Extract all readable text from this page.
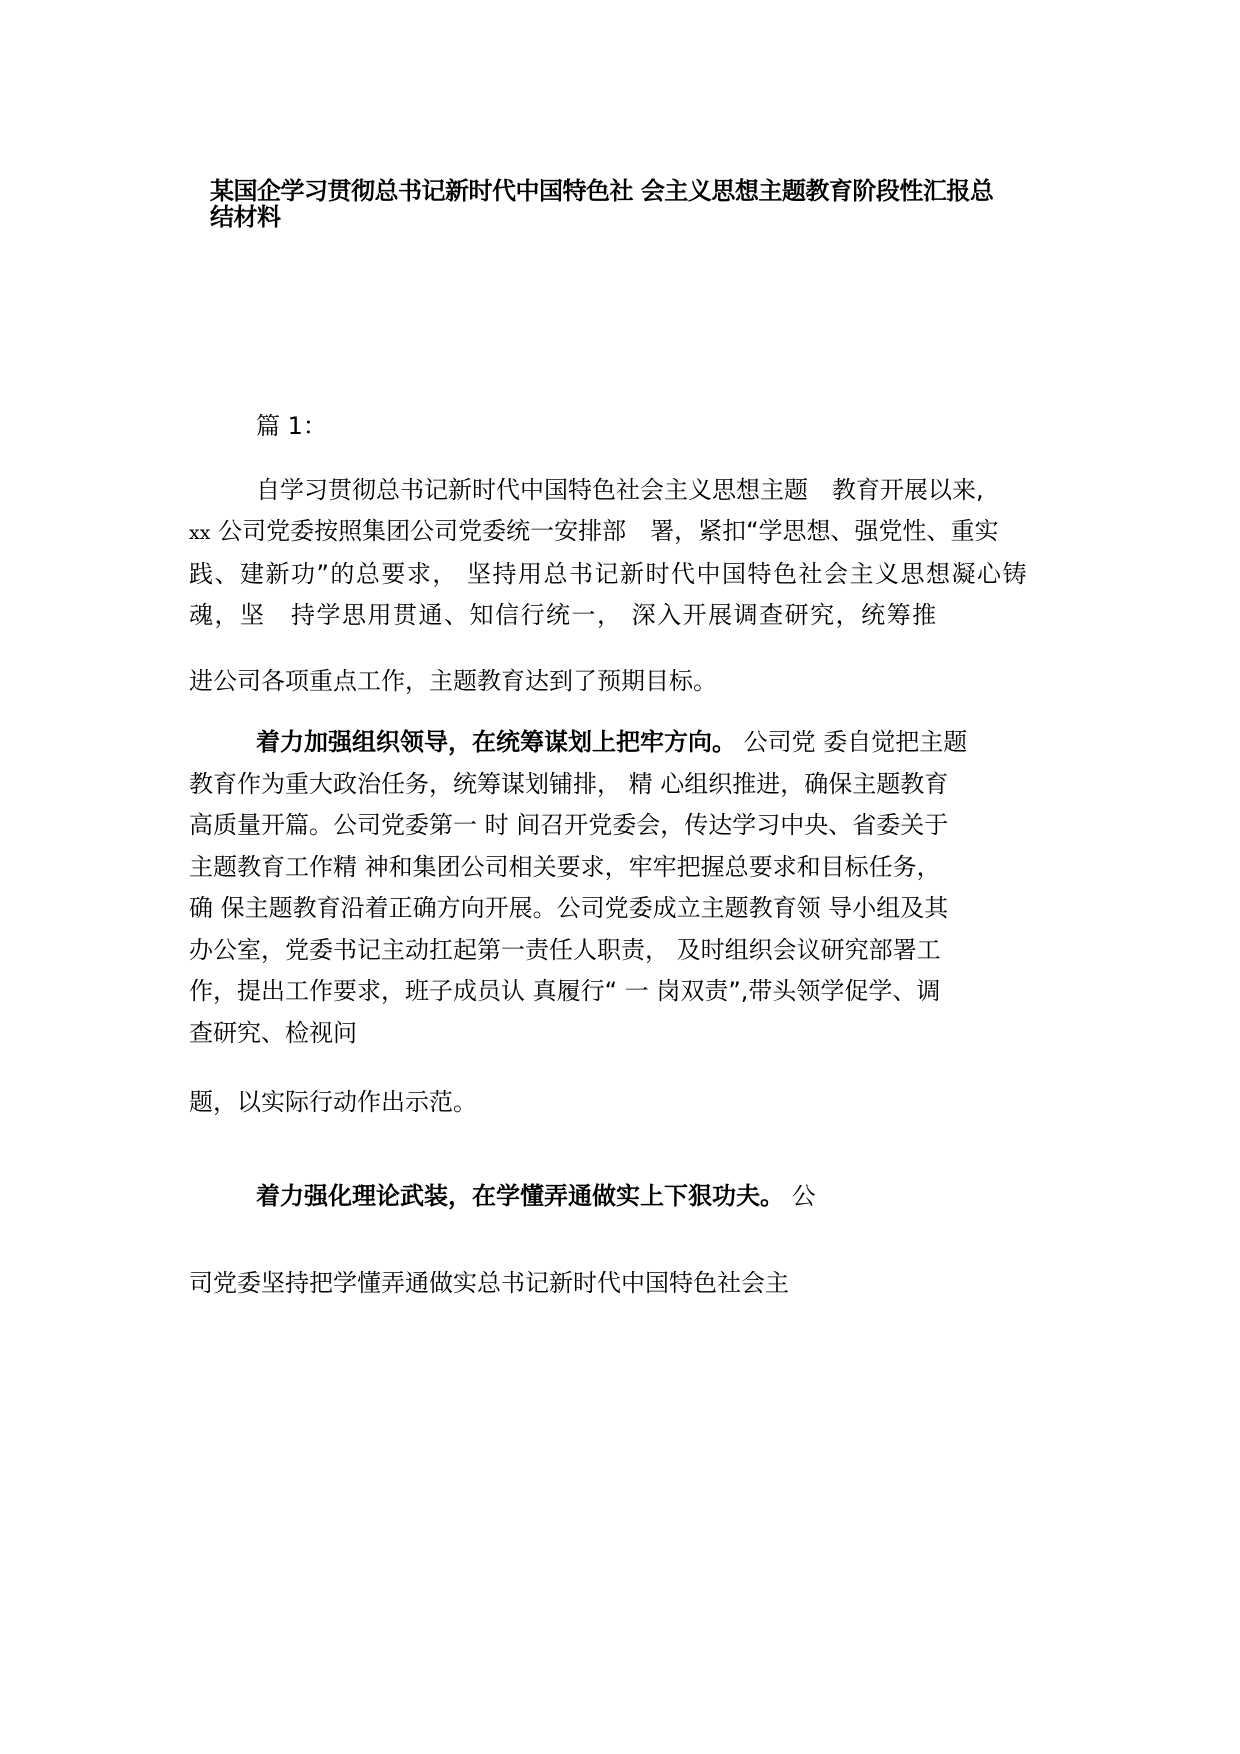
某国企学习贯彻总书记新时代中国特色社 会主义思想主题教育阶段性汇报总
结材料

篇 1：

自学习贯彻总书记新时代中国特色社会主义思想主题　教育开展以来,
xx 公司党委按照集团公司党委统一安排部　署，紧扣“学思想、强党性、重实
践、建新功”的总要求， 坚持用总书记新时代中国特色社会主义思想凝心铸
魂，坚　持学思用贯通、知信行统一， 深入开展调查研究，统筹推
进公司各项重点工作，主题教育达到了预期目标。
着力加强组织领导，在统筹谋划上把牢方向。 公司党 委自觉把主题
教育作为重大政治任务，统筹谋划铺排， 精 心组织推进，确保主题教育
高质量开篇。公司党委第一 时 间召开党委会，传达学习中央、省委关于
主题教育工作精 神和集团公司相关要求，牢牢把握总要求和目标任务，
确 保主题教育沿着正确方向开展。公司党委成立主题教育领 导小组及其
办公室，党委书记主动扛起第一责任人职责， 及时组织会议研究部署工
作，提出工作要求，班子成员认 真履行“ 一 岗双责”,带头领学促学、调
查研究、检视问
题，以实际行动作出示范。
着力强化理论武装，在学懂弄通做实上下狠功夫。 公
司党委坚持把学懂弄通做实总书记新时代中国特色社会主
